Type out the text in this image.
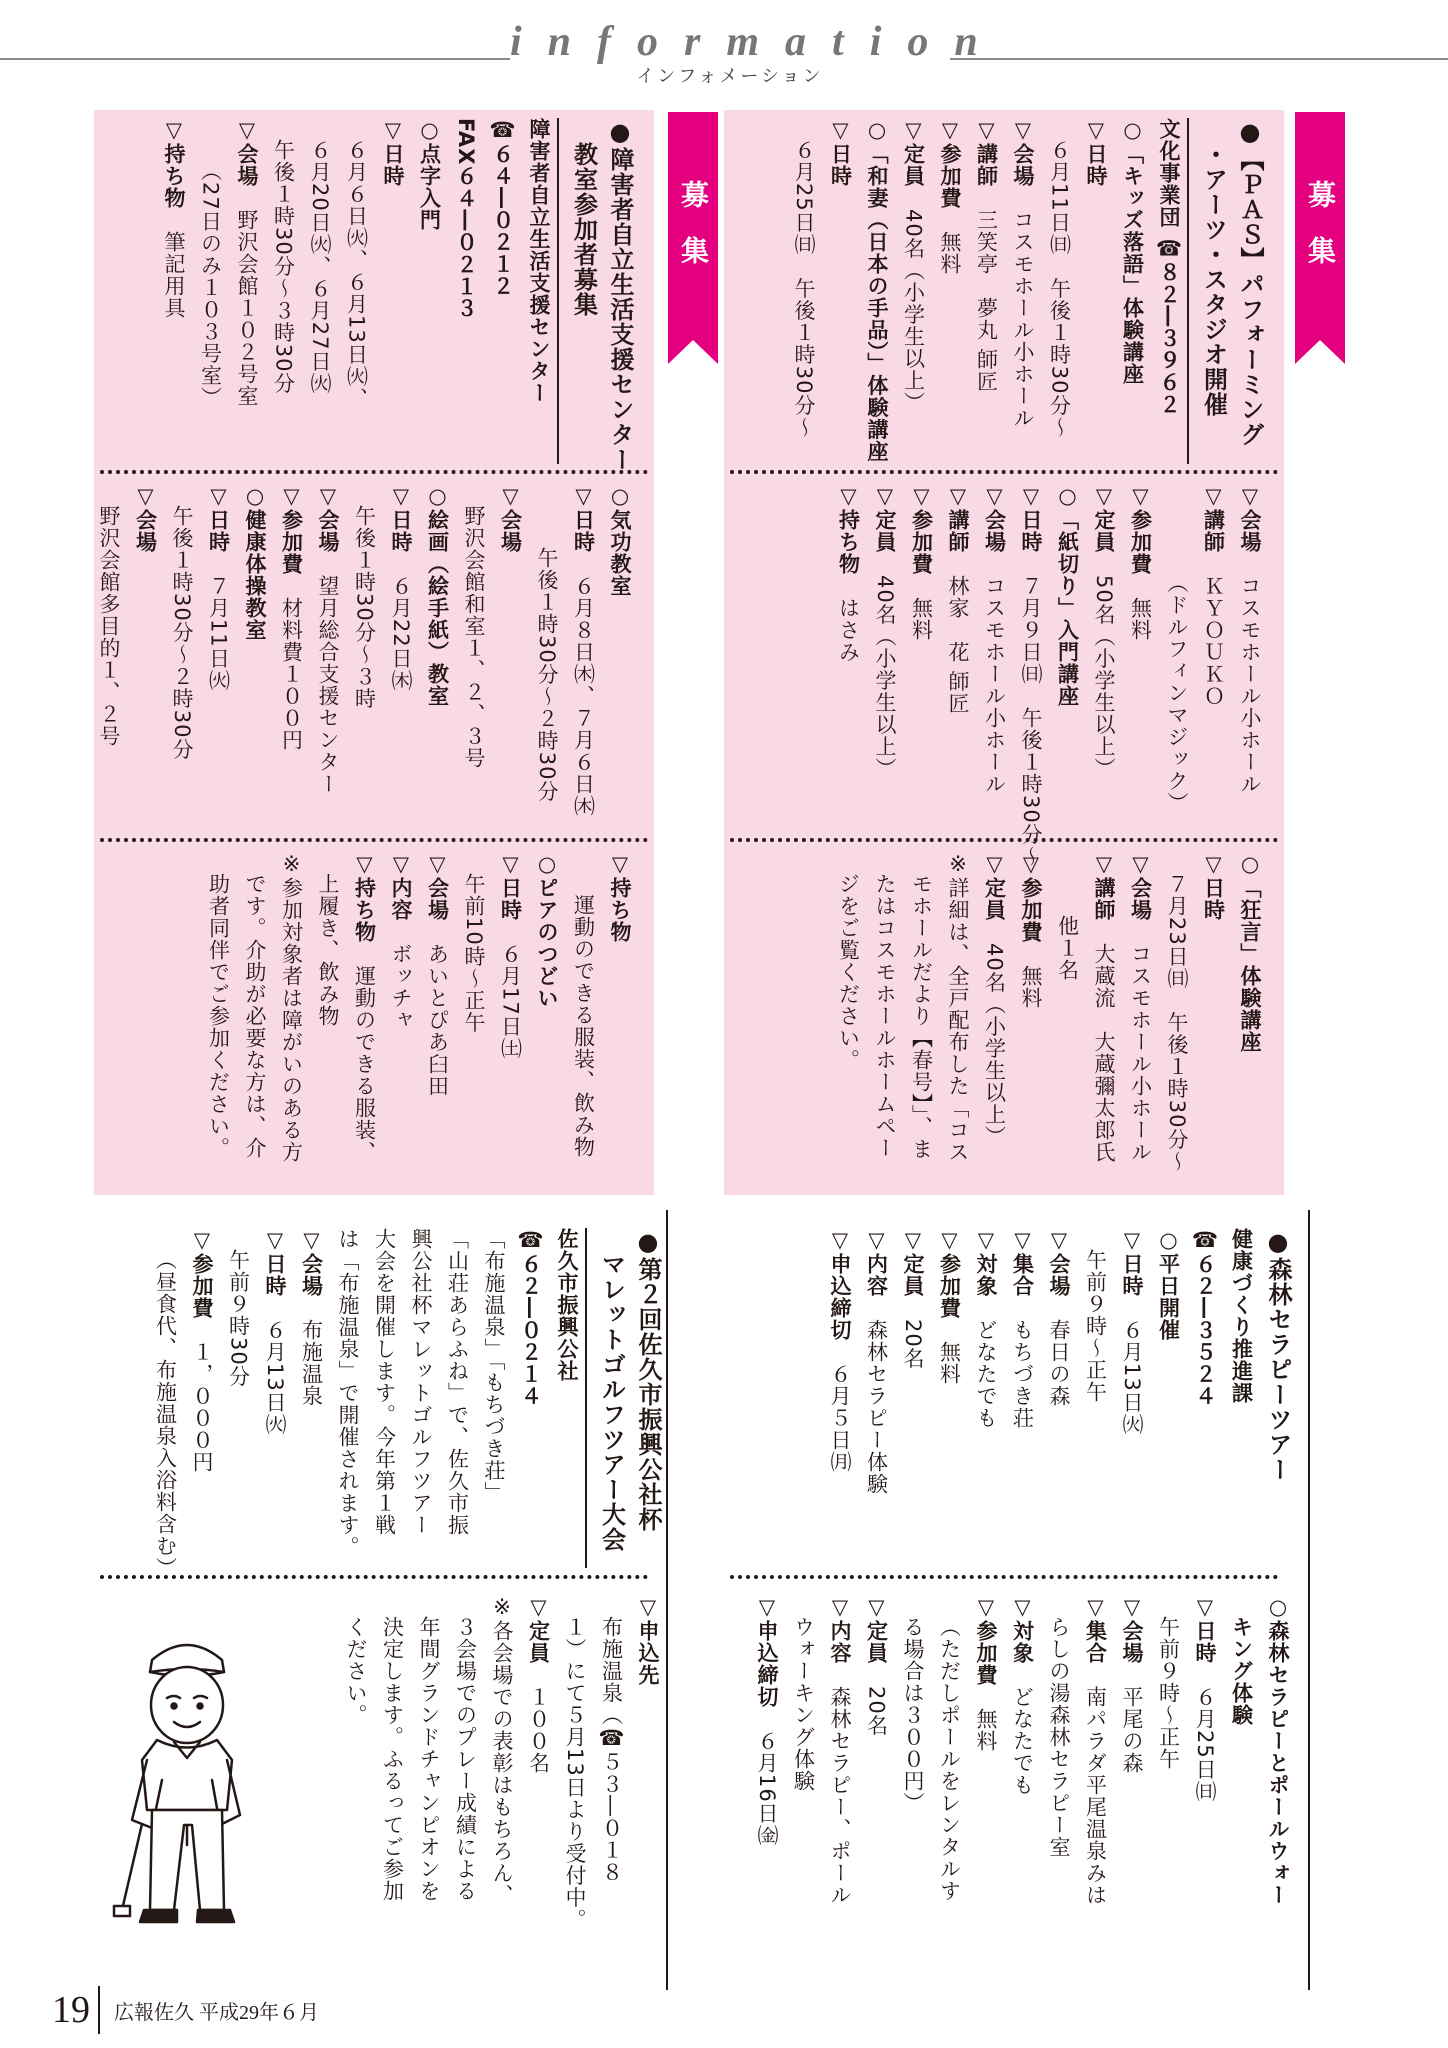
information
インフォメーション
募集
募集	●【ＰＡＳ】パフォーミング
・アーツ・スタジオ開催
文化事業団 ☎８２―３９６２
○「キッズ落語」体験講座
▽日時
６月11日㈰　午後１時30分～
▽会場　コスモホール小ホール
▽講師　三笑亭　夢丸 師匠
▽参加費　無料
▽定員　40名（小学生以上）
○「和妻（日本の手品）」体験講座
▽日時
６月25日㈰　午後１時30分～
▽会場　コスモホール小ホール
▽講師　ＫＹＯＵＫＯ
（ドルフィンマジック）
▽参加費　無料
▽定員　50名（小学生以上）
○「紙切り」入門講座
▽日時　７月９日㈰　午後１時30分～
▽会場　コスモホール小ホール
▽講師　林家　花 師匠
▽参加費　無料
▽定員　40名（小学生以上）
▽持ち物　はさみ
○「狂言」体験講座
▽日時
７月23日㈰　午後１時30分～
▽会場　コスモホール小ホール
▽講師　大蔵流　大蔵彌太郎氏
他１名
▽参加費　無料
▽定員　40名（小学生以上）
※詳細は、全戸配布した「コス
モホールだより【春号】」、ま
たはコスモホールホームペー
ジをご覧ください。
●障害者自立生活支援センター
教室参加者募集
障害者自立生活支援センター
☎６４―０２１２
FAX６４―０２１３
○点字入門
▽日時
６月６日㈫、６月13日㈫、
６月20日㈫、６月27日㈫
午後１時30分～３時30分
▽会場　野沢会館１０２号室
（27日のみ１０３号室）
▽持ち物　筆記用具
○気功教室
▽日時　６月８日㈭、７月６日㈭
午後１時30分～２時30分
▽会場
野沢会館和室１、２、３号
○絵画（絵手紙）教室
▽日時　６月22日㈭
午後１時30分～３時
▽会場　望月総合支援センター
▽参加費　材料費１００円
○健康体操教室
▽日時　７月11日㈫
午後１時30分～２時30分
▽会場
野沢会館多目的１、２号
▽持ち物
運動のできる服装、飲み物
○ピアのつどい
▽日時　６月17日㈯
午前10時～正午
▽会場　あいとぴあ臼田
▽内容　ボッチャ
▽持ち物　運動のできる服装、
上履き、飲み物
※参加対象者は障がいのある方
です。介助が必要な方は、介
助者同伴でご参加ください。
●森林セラピーツアー
健康づくり推進課
☎６２―３５２４
○平日開催
▽日時　６月13日㈫
午前９時～正午
▽会場　春日の森
▽集合　もちづき荘
▽対象　どなたでも
▽参加費　無料
▽定員　20名
▽内容　森林セラピー体験
▽申込締切　６月５日㈪
○森林セラピーとポールウォー
キング体験
▽日時　６月25日㈰
午前９時～正午
▽会場　平尾の森
▽集合　南パラダ平尾温泉みは
らしの湯森林セラピー室
▽対象　どなたでも
▽参加費　無料
（ただしポールをレンタルす
る場合は３００円）
▽定員　20名
▽内容　森林セラピー、ポール
ウォーキング体験
▽申込締切　６月16日㈮
●第２回佐久市振興公社杯
マレットゴルフツアー大会
佐久市振興公社
☎６２―０２１４
「布施温泉」「もちづき荘」
「山荘あらふね」で、佐久市振
興公社杯マレットゴルフツアー
大会を開催します。今年第１戦
は「布施温泉」で開催されます。
▽会場　布施温泉
▽日時　６月13日㈫
午前９時30分
▽参加費　１，０００円
（昼食代、布施温泉入浴料含む）
▽申込先
布施温泉（☎５３―０１８
１）にて５月13日より受付中。
▽定員　１００名
※各会場での表彰はもちろん、
３会場でのプレー成績による
年間グランドチャンピオンを
決定します。ふるってご参加
ください。
19	広報佐久 平成29年６月
